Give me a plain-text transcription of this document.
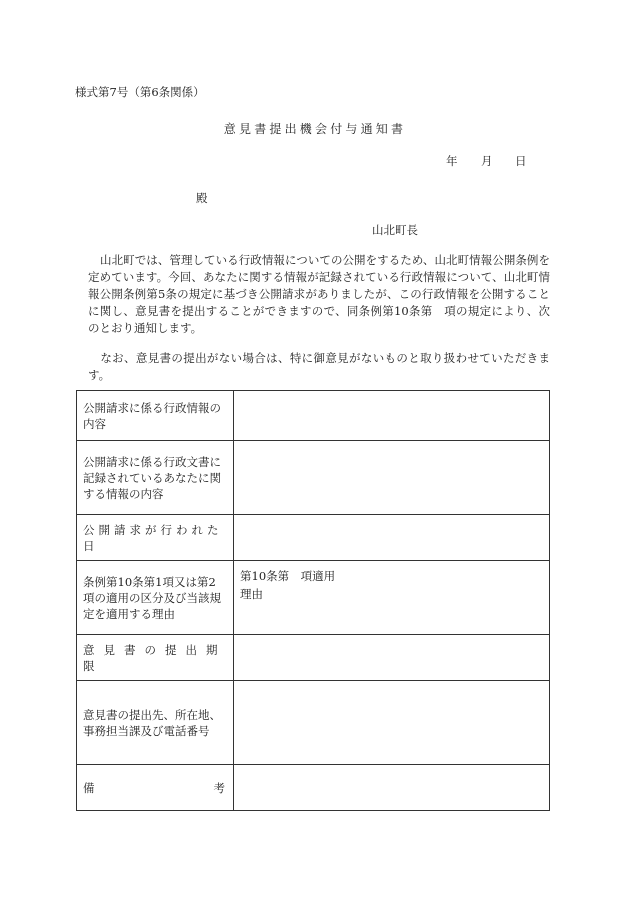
様式第7号（第6条関係）
意見書提出機会付与通知書
年 月 日
殿
山北町長
山北町では、管理している行政情報についての公開をするため、山北町情報公開条例を定めています。今回、あなたに関する情報が記録されている行政情報について、山北町情報公開条例第5条の規定に基づき公開請求がありましたが、この行政情報を公開することに関し、意見書を提出することができますので、同条例第10条第　項の規定により、次のとおり通知します。
なお、意見書の提出がない場合は、特に御意見がないものと取り扱わせていただきます。
公開請求に係る行政情報の内容	
公開請求に係る行政文書に記録されているあなたに関する情報の内容	
公開請求が行われた日	
条例第10条第1項又は第2項の適用の区分及び当該規定を適用する理由	第10条第　項適用
理由

意見書の提出期限	
意見書の提出先、所在地、事務担当課及び電話番号	

備 考	
